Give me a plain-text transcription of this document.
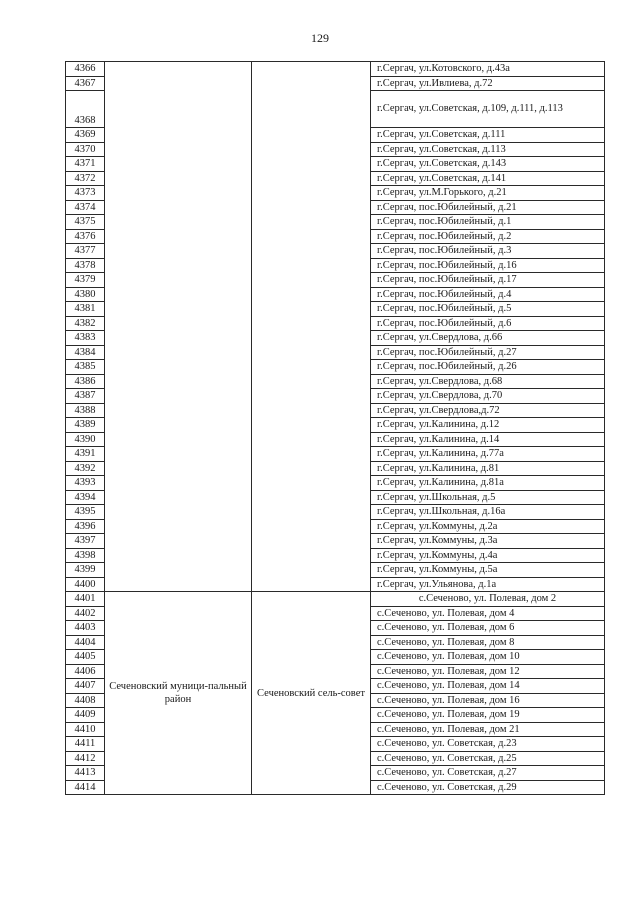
129
4366			г.Сергач, ул.Котовского, д.43а
4367			г.Сергач, ул.Ивлиева, д.72
4368			г.Сергач, ул.Советская, д.109, д.111, д.113
4369			г.Сергач, ул.Советская, д.111
4370			г.Сергач, ул.Советская, д.113
4371			г.Сергач, ул.Советская, д.143
4372			г.Сергач, ул.Советская, д.141
4373			г.Сергач, ул.М.Горького, д.21
4374			г.Сергач, пос.Юбилейный, д.21
4375			г.Сергач, пос.Юбилейный, д.1
4376			г.Сергач, пос.Юбилейный, д.2
4377			г.Сергач, пос.Юбилейный, д.3
4378			г.Сергач, пос.Юбилейный, д.16
4379			г.Сергач, пос.Юбилейный, д.17
4380			г.Сергач, пос.Юбилейный, д.4
4381			г.Сергач, пос.Юбилейный, д.5
4382			г.Сергач, пос.Юбилейный, д.6
4383			г.Сергач, ул.Свердлова, д.66
4384			г.Сергач, пос.Юбилейный, д.27
4385			г.Сергач, пос.Юбилейный, д.26
4386			г.Сергач, ул.Свердлова, д.68
4387			г.Сергач, ул.Свердлова, д.70
4388			г.Сергач, ул.Свердлова,д.72
4389			г.Сергач, ул.Калинина, д.12
4390			г.Сергач, ул.Калинина, д.14
4391			г.Сергач, ул.Калинина, д.77а
4392			г.Сергач, ул.Калинина, д.81
4393			г.Сергач, ул.Калинина, д.81а
4394			г.Сергач, ул.Школьная, д.5
4395			г.Сергач, ул.Школьная, д.16а
4396			г.Сергач, ул.Коммуны, д.2а
4397			г.Сергач, ул.Коммуны, д.3а
4398			г.Сергач, ул.Коммуны, д.4а
4399			г.Сергач, ул.Коммуны, д.5а
4400			г.Сергач, ул.Ульянова, д.1а
4401	Сеченовский муници-пальный район	Сеченовский сель-совет	с.Сеченово, ул. Полевая, дом 2
4402			с.Сеченово, ул. Полевая, дом 4
4403			с.Сеченово, ул. Полевая, дом 6
4404			с.Сеченово, ул. Полевая, дом 8
4405			с.Сеченово, ул. Полевая, дом 10
4406			с.Сеченово, ул. Полевая, дом 12
4407			с.Сеченово, ул. Полевая, дом 14
4408			с.Сеченово, ул. Полевая, дом 16
4409			с.Сеченово, ул. Полевая, дом 19
4410			с.Сеченово, ул. Полевая, дом 21
4411			с.Сеченово, ул. Советская, д.23
4412			с.Сеченово, ул. Советская, д.25
4413			с.Сеченово, ул. Советская, д.27
4414			с.Сеченово, ул. Советская, д.29
